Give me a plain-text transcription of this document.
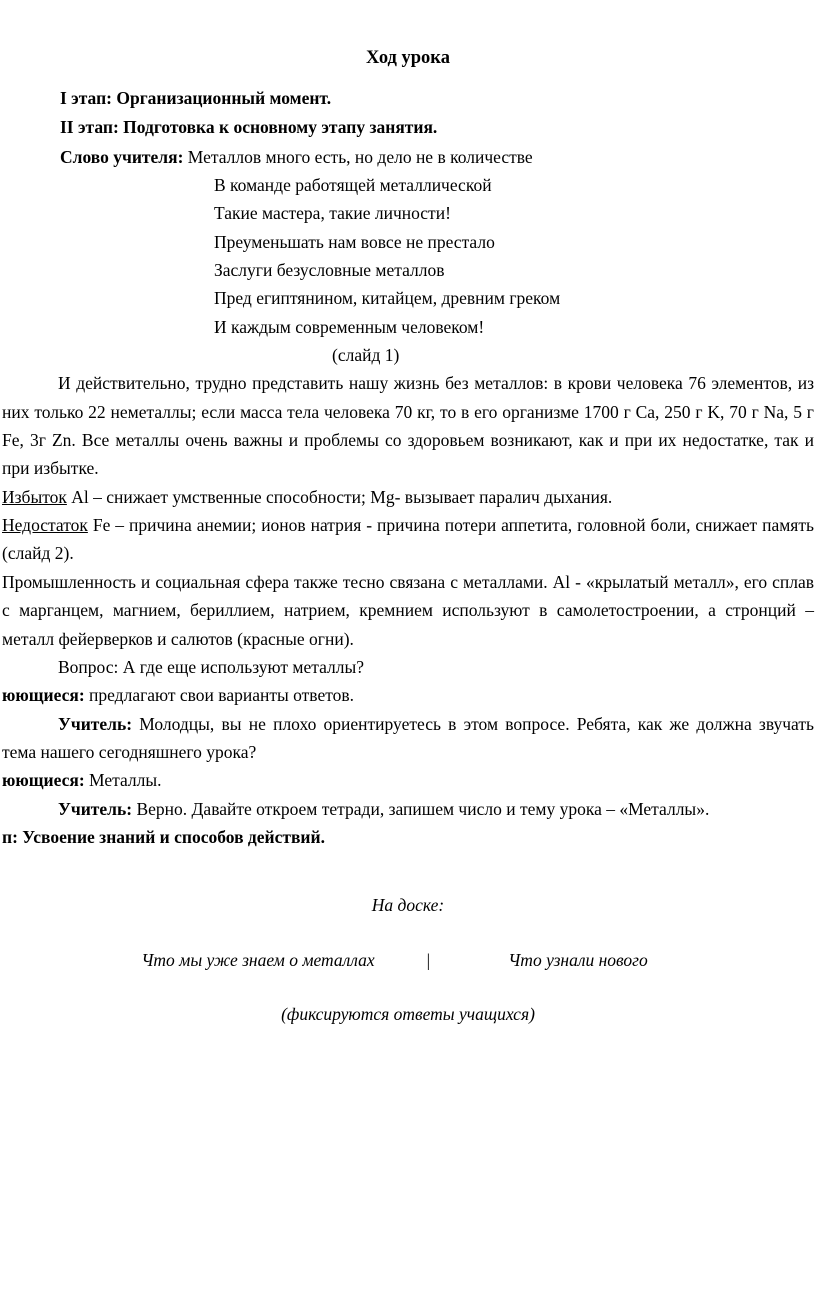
Ход урока
I этап: Организационный момент.
II этап: Подготовка к основному этапу занятия.
Слово учителя: Металлов много есть, но дело не в количестве
В команде работящей металлической
Такие мастера, такие личности!
Преуменьшать нам вовсе не престало
Заслуги безусловные металлов
Пред египтянином, китайцем, древним греком
И каждым современным человеком!
(слайд 1)

И действительно, трудно представить нашу жизнь без металлов: в крови человека 76 элементов, из них только 22 неметаллы; если масса тела человека 70 кг, то в его организме 1700 г Ca, 250 г K, 70 г Na, 5 г Fe, 3г Zn. Все металлы очень важны и проблемы со здоровьем возникают, как и при их недостатке, так и при избытке.

Избыток Al – снижает умственные способности; Mg- вызывает паралич дыхания.

Недостаток Fe – причина анемии; ионов натрия - причина потери аппетита, головной боли, снижает память (слайд 2).

Промышленность и социальная сфера также тесно связана с металлами. Al - «крылатый металл», его сплав с марганцем, магнием, бериллием, натрием, кремнием используют в самолетостроении, а стронций – металл фейерверков и салютов (красные огни).

Вопрос: А где еще используют металлы?

юющиеся: предлагают свои варианты ответов.

Учитель: Молодцы, вы не плохо ориентируетесь в этом вопросе. Ребята, как же должна звучать тема нашего сегодняшнего урока?

юющиеся: Металлы.

Учитель: Верно. Давайте откроем тетради, запишем число и тему урока – «Металлы».

п: Усвоение знаний и способов действий.

На доске:
Что мы уже знаем о металлах	|	Что узнали нового
(фиксируются ответы учащихся)
